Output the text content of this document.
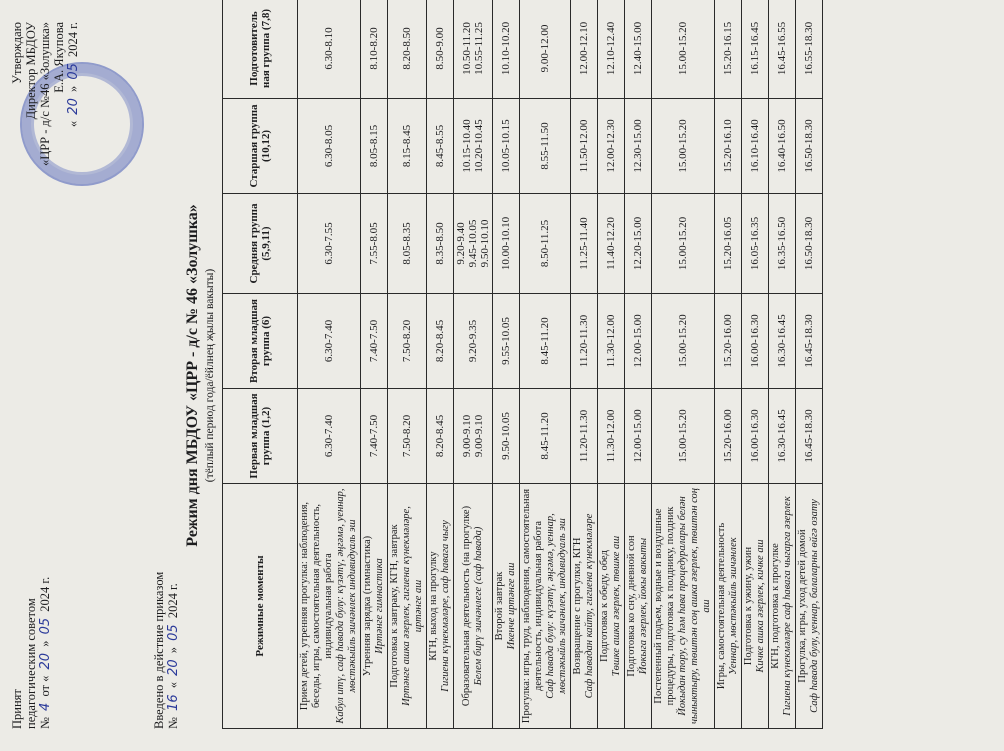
Принят педагогическим советом № 4 от « 20 » 05 2024 г.
Утверждаю Директор МБДОУ «ЦРР - д/с №46 «Золушка» Е.А. Якупова
« 20 » 05 2024 г.
Введено в действие приказом № 16 « 20 » 05 2024 г.
Режим дня МБДОУ «ЦРР - д/с № 46 «Золушка» (тёплый период года/ёйлнең җылы вакыты)
Режимные моменты	Первая младшая группа (1,2)	Вторая младшая группа (6)	Средняя группа (5,9,11)	Старшая группа (10,12)	Подготовитель ная группа (7,8)

Прием детей, утренняя прогулка: наблюдения, беседы, игры, самостоятельная деятельность, индивидуальная работа Кабул итү, саф һавада булу: күзәтү, әңгәмә, уеннар, мөстәкыйль эшчәнлек индивидуаль эш	6.30-7.40	6.30-7.40	6.30-7.55	6.30-8.05	6.30-8.10

Утренняя зарядка (гимнастика) Иртәнге гимнастика	7.40-7.50	7.40-7.50	7.55-8.05	8.05-8.15	8.10-8.20

Подготовка к завтраку, КГН, завтрак Иртәнге ашка әзерлек, гигиена күнекмәләре, иртәнге аш	7.50-8.20	7.50-8.20	8.05-8.35	8.15-8.45	8.20-8.50

КГН, выход на прогулку Гигиена күнекмәләре, саф һавага чыгу	8.20-8.45	8.20-8.45	8.35-8.50	8.45-8.55	8.50-9.00

Образовательная деятельность (на прогулке) Белем бирү эшчәнлеге (саф һавада)	9.00-9.10 9.00-9.10	9.20-9.35	9.20-9.40 9.45-10.05 9.50-10.10	10.15-10.40 10.20-10.45	10.50-11.20 10.55-11.25

Второй завтрак Икенче иртәнге аш	9.50-10.05	9.55-10.05	10.00-10.10	10.05-10.15	10.10-10.20

Прогулка: игры, труд, наблюдения, самостоятельная деятельность, индивидуальная работа Саф һавада булу: күзәтү, әңгәмә, уеннар, мөстәкыйль эшчәнлек, индивидуаль эш	8.45-11.20	8.45-11.20	8.50-11.25	8.55-11.50	9.00-12.00

Возвращение с прогулки, КГН Саф һавадан кайту, гигиена күнекмәләре	11.20-11.30	11.20-11.30	11.25-11.40	11.50-12.00	12.00-12.10

Подготовка к обеду, обед Төшке ашка әзерлек, төшке аш	11.30-12.00	11.30-12.00	11.40-12.20	12.00-12.30	12.10-12.40

Подготовка ко сну, дневной сон Йокыга әзерлек, йокы вакыты	12.00-15.00	12.00-15.00	12.20-15.00	12.30-15.00	12.40-15.00

Постепенный подъем, водные и воздушные процедуры, подготовка к полднику, полдник Йокыдан тору, су һәм һава процедуралары белән чыныктыру, төштән соң ашка әзерлек, төштән соң аш	15.00-15.20	15.00-15.20	15.00-15.20	15.00-15.20	15.00-15.20

Игры, самостоятельная деятельность Уеннар, мөстәкыйль эшчәнлек	15.20-16.00	15.20-16.00	15.20-16.05	15.20-16.10	15.20-16.15

Подготовка к ужину, ужин Кичке ашка әзерлек, кичке аш	16.00-16.30	16.00-16.30	16.05-16.35	16.10-16.40	16.15-16.45

КГН, подготовка к прогулке Гигиена күнекмәләре саф һавага чыгарга әзерлек	16.30-16.45	16.30-16.45	16.35-16.50	16.40-16.50	16.45-16.55

Прогулка, игры, уход детей домой Саф һавада булу, уеннар, балаларны өйгә озату	16.45-18.30	16.45-18.30	16.50-18.30	16.50-18.30	16.55-18.30
